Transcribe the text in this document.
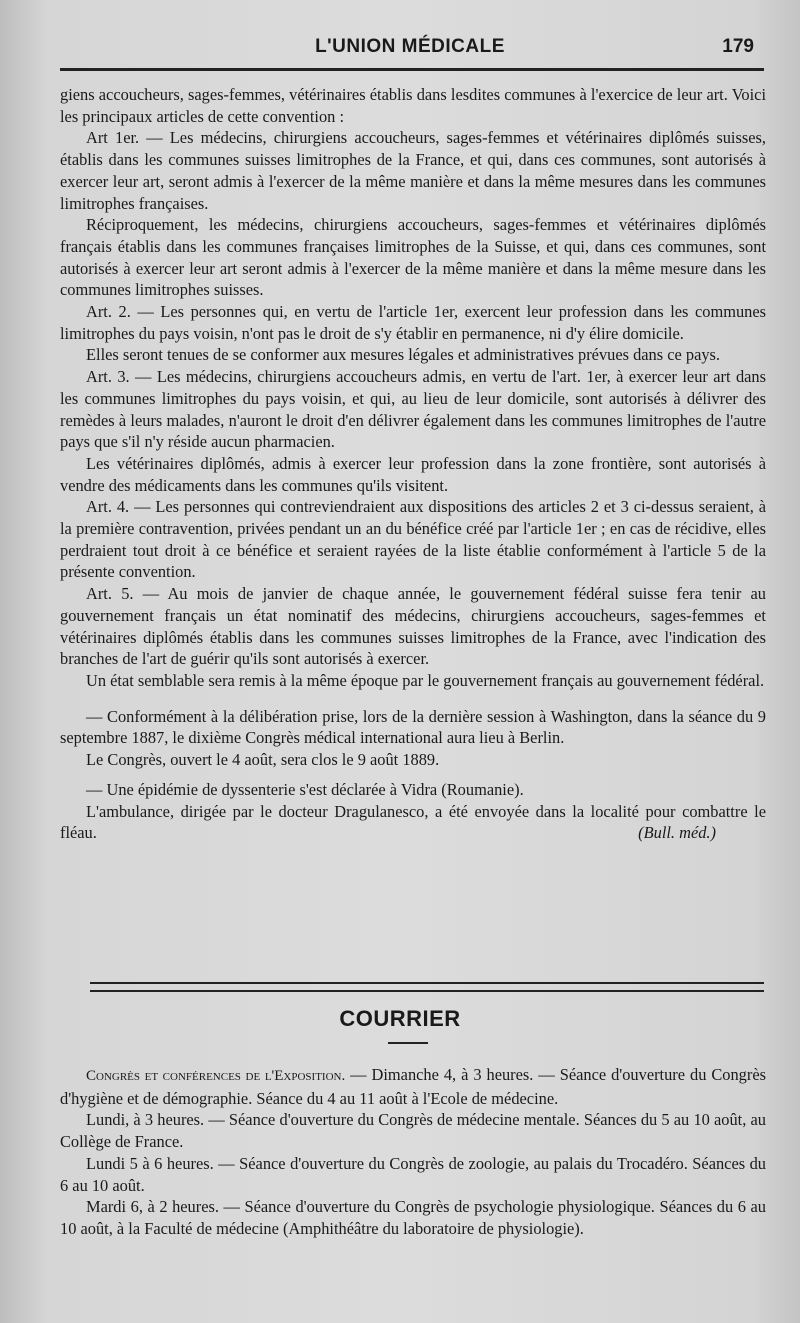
L'UNION MÉDICALE	179

giens accoucheurs, sages-femmes, vétérinaires établis dans lesdites communes à l'exercice de leur art. Voici les principaux articles de cette convention :

Art 1er. — Les médecins, chirurgiens accoucheurs, sages-femmes et vétérinaires diplômés suisses, établis dans les communes suisses limitrophes de la France, et qui, dans ces communes, sont autorisés à exercer leur art, seront admis à l'exercer de la même manière et dans la même mesures dans les communes limitrophes françaises.

Réciproquement, les médecins, chirurgiens accoucheurs, sages-femmes et vétérinaires diplômés français établis dans les communes françaises limitrophes de la Suisse, et qui, dans ces communes, sont autorisés à exercer leur art seront admis à l'exercer de la même manière et dans la même mesure dans les communes limitrophes suisses.

Art. 2. — Les personnes qui, en vertu de l'article 1er, exercent leur profession dans les communes limitrophes du pays voisin, n'ont pas le droit de s'y établir en permanence, ni d'y élire domicile.

Elles seront tenues de se conformer aux mesures légales et administratives prévues dans ce pays.

Art. 3. — Les médecins, chirurgiens accoucheurs admis, en vertu de l'art. 1er, à exercer leur art dans les communes limitrophes du pays voisin, et qui, au lieu de leur domicile, sont autorisés à délivrer des remèdes à leurs malades, n'auront le droit d'en délivrer également dans les communes limitrophes de l'autre pays que s'il n'y réside aucun pharmacien.

Les vétérinaires diplômés, admis à exercer leur profession dans la zone frontière, sont autorisés à vendre des médicaments dans les communes qu'ils visitent.

Art. 4. — Les personnes qui contreviendraient aux dispositions des articles 2 et 3 ci-dessus seraient, à la première contravention, privées pendant un an du bénéfice créé par l'article 1er ; en cas de récidive, elles perdraient tout droit à ce bénéfice et seraient rayées de la liste établie conformément à l'article 5 de la présente convention.

Art. 5. — Au mois de janvier de chaque année, le gouvernement fédéral suisse fera tenir au gouvernement français un état nominatif des médecins, chirurgiens accoucheurs, sages-femmes et vétérinaires diplômés établis dans les communes suisses limitrophes de la France, avec l'indication des branches de l'art de guérir qu'ils sont autorisés à exercer.

Un état semblable sera remis à la même époque par le gouvernement français au gouvernement fédéral.

— Conformément à la délibération prise, lors de la dernière session à Washington, dans la séance du 9 septembre 1887, le dixième Congrès médical international aura lieu à Berlin.

Le Congrès, ouvert le 4 août, sera clos le 9 août 1889.

— Une épidémie de dyssenterie s'est déclarée à Vidra (Roumanie).

L'ambulance, dirigée par le docteur Dragulanesco, a été envoyée dans la localité pour combattre le fléau.	(Bull. méd.)

COURRIER

Congrès et conférences de l'Exposition. — Dimanche 4, à 3 heures. — Séance d'ouverture du Congrès d'hygiène et de démographie. Séance du 4 au 11 août à l'Ecole de médecine.

Lundi, à 3 heures. — Séance d'ouverture du Congrès de médecine mentale. Séances du 5 au 10 août, au Collège de France.

Lundi 5 à 6 heures. — Séance d'ouverture du Congrès de zoologie, au palais du Trocadéro. Séances du 6 au 10 août.

Mardi 6, à 2 heures. — Séance d'ouverture du Congrès de psychologie physiologique. Séances du 6 au 10 août, à la Faculté de médecine (Amphithéâtre du laboratoire de physiologie).
